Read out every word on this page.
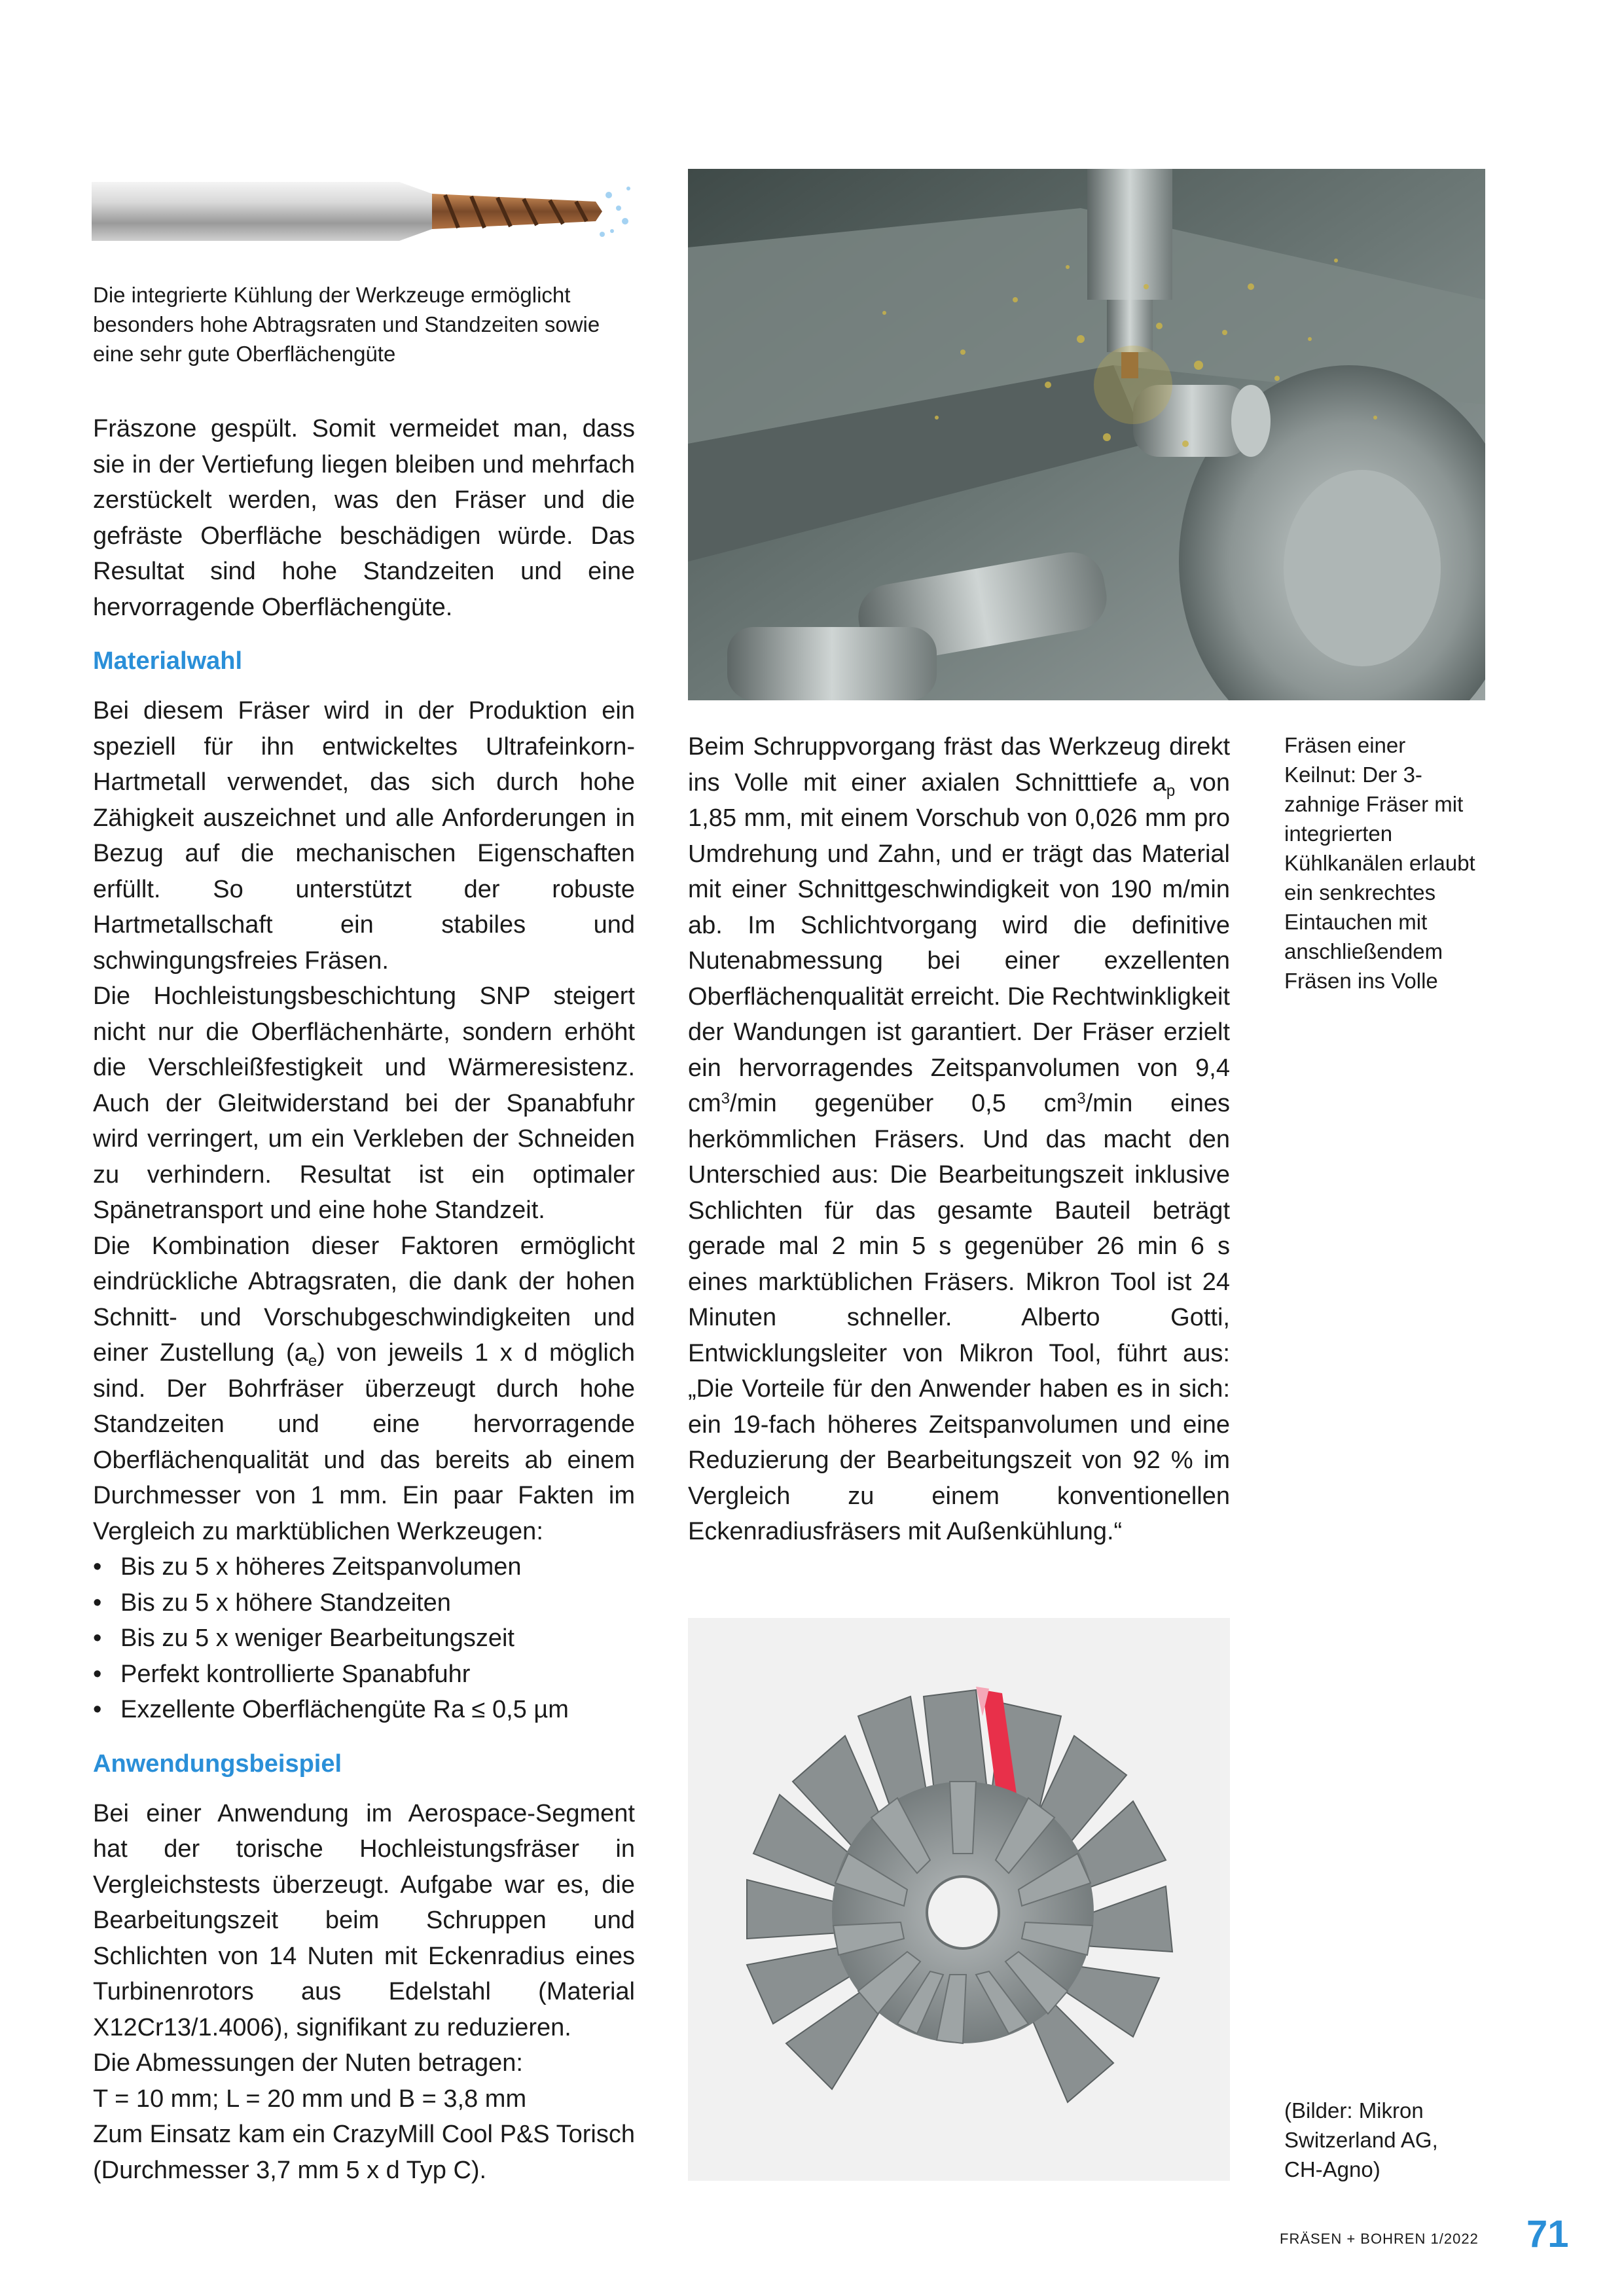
Die integrierte Kühlung der Werkzeuge ermöglicht besonders hohe Abtragsraten und Standzeiten sowie eine sehr gute Oberflächengüte

Fräszone gespült. Somit vermeidet man, dass sie in der Vertiefung liegen bleiben und mehrfach zerstückelt werden, was den Fräser und die gefräste Oberfläche beschädigen würde. Das Resultat sind hohe Standzeiten und eine hervorragende Oberflächengüte.

Materialwahl

Bei diesem Fräser wird in der Produktion ein speziell für ihn entwickeltes Ultrafeinkorn-Hartmetall verwendet, das sich durch hohe Zähigkeit auszeichnet und alle Anforderungen in Bezug auf die mechanischen Eigenschaften erfüllt. So unterstützt der robuste Hartmetallschaft ein stabiles und schwingungsfreies Fräsen.

Die Hochleistungsbeschichtung SNP steigert nicht nur die Oberflächenhärte, sondern erhöht die Verschleißfestigkeit und Wärmeresistenz. Auch der Gleitwiderstand bei der Spanabfuhr wird verringert, um ein Verkleben der Schneiden zu verhindern. Resultat ist ein optimaler Spänetransport und eine hohe Standzeit.

Die Kombination dieser Faktoren ermöglicht eindrückliche Abtragsraten, die dank der hohen Schnitt- und Vorschubgeschwindigkeiten und einer Zustellung $(a_e)$ von jeweils 1 x d möglich sind. Der Bohrfräser überzeugt durch hohe Standzeiten und eine hervorragende Oberflächenqualität und das bereits ab einem Durchmesser von 1 mm. Ein paar Fakten im Vergleich zu marktüblichen Werkzeugen:

• Bis zu 5 x höheres Zeitspanvolumen
• Bis zu 5 x höhere Standzeiten
• Bis zu 5 x weniger Bearbeitungszeit
• Perfekt kontrollierte Spanabfuhr
• Exzellente Oberflächengüte Ra ≤ 0,5 µm
Anwendungsbeispiel

Bei einer Anwendung im Aerospace-Segment hat der torische Hochleistungsfräser in Vergleichstests überzeugt. Aufgabe war es, die Bearbeitungszeit beim Schruppen und Schlichten von 14 Nuten mit Eckenradius eines Turbinenrotors aus Edelstahl (Material X12Cr13/1.4006), signifikant zu reduzieren.

Die Abmessungen der Nuten betragen:

T = 10 mm; L = 20 mm und B = 3,8 mm

Zum Einsatz kam ein CrazyMill Cool P&S Torisch (Durchmesser 3,7 mm 5 x d Typ C).

Fräsen einer Keilnut: Der 3-zahnige Fräser mit integrierten Kühlkanälen erlaubt ein senkrechtes Eintauchen mit anschließendem Fräsen ins Volle

Beim Schruppvorgang fräst das Werkzeug direkt ins Volle mit einer axialen Schnitttiefe $a_p$ von 1,85 mm, mit einem Vorschub von 0,026 mm pro Umdrehung und Zahn, und er trägt das Material mit einer Schnittgeschwindigkeit von 190 m/min ab. Im Schlichtvorgang wird die definitive Nutenabmessung bei einer exzellenten Oberflächenqualität erreicht. Die Rechtwinkligkeit der Wandungen ist garantiert. Der Fräser erzielt ein hervorragendes Zeitspanvolumen von 9,4 $cm^3/\min$ gegenüber 0,5 $cm^3/\min$ eines herkömmlichen Fräsers. Und das macht den Unterschied aus: Die Bearbeitungszeit inklusive Schlichten für das gesamte Bauteil beträgt gerade mal 2 min 5 s gegenüber 26 min 6 s eines marktüblichen Fräsers. Mikron Tool ist 24 Minuten schneller. Alberto Gotti, Entwicklungsleiter von Mikron Tool, führt aus: „Die Vorteile für den Anwender haben es in sich: ein 19-fach höheres Zeitspanvolumen und eine Reduzierung der Bearbeitungszeit von 92 % im Vergleich zu einem konventionellen Eckenradiusfräsers mit Außenkühlung.“

(Bilder: Mikron Switzerland AG, CH-Agno)
FRÄSEN + BOHREN 1/2022 71
